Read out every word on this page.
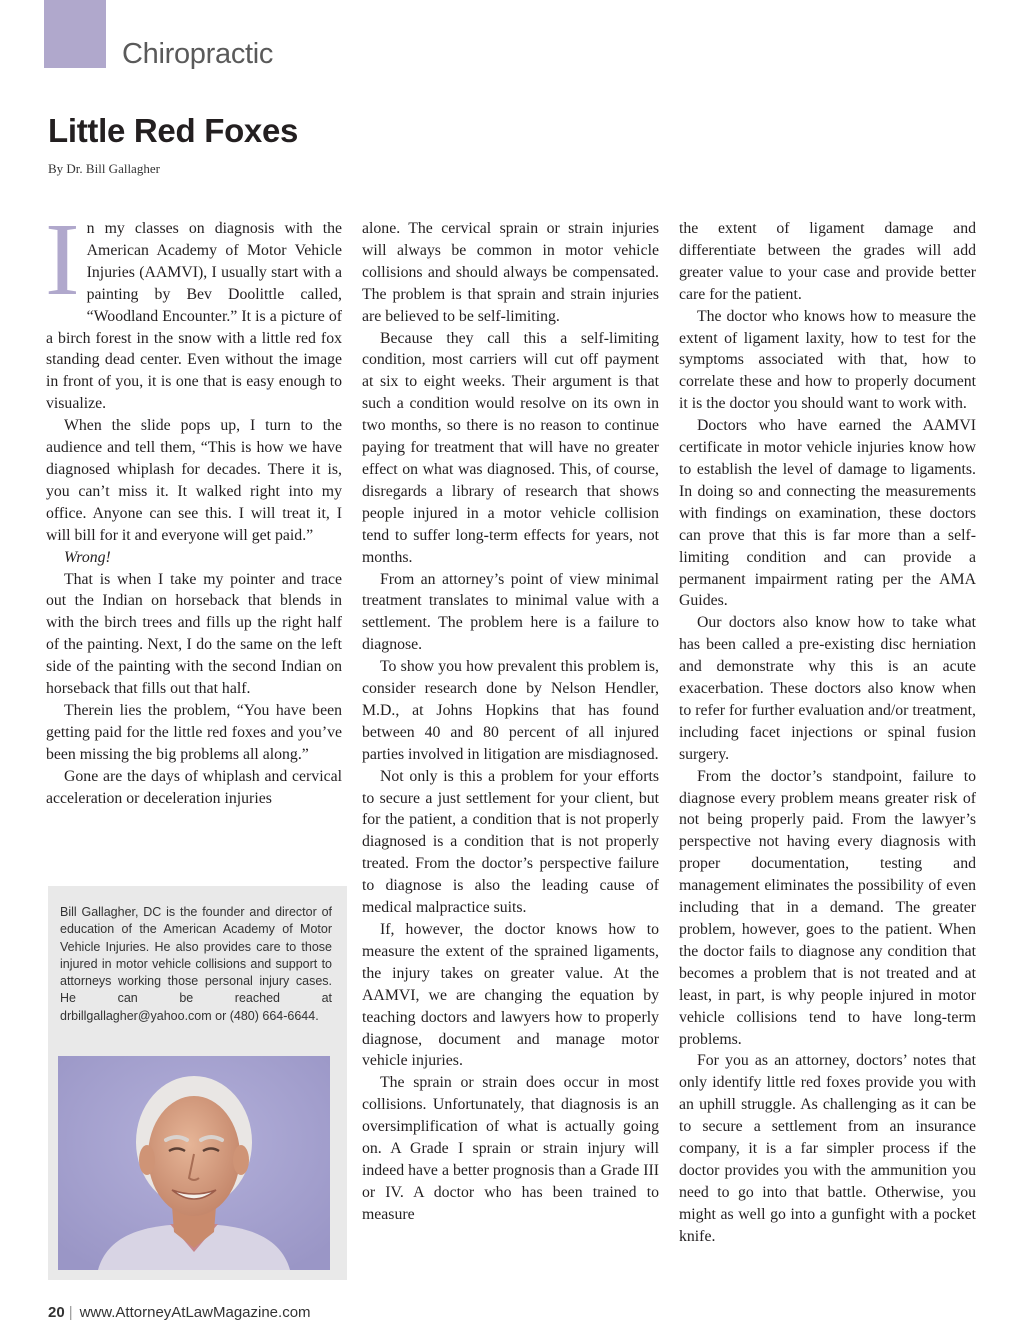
Chiropractic
Little Red Foxes
By Dr. Bill Gallagher

In my classes on diagnosis with the American Academy of Motor Vehicle Injuries (AAMVI), I usually start with a painting by Bev Doolittle called, “Woodland Encounter.” It is a picture of a birch forest in the snow with a little red fox standing dead center. Even without the image in front of you, it is one that is easy enough to visualize.

When the slide pops up, I turn to the audience and tell them, “This is how we have diagnosed whiplash for decades. There it is, you can’t miss it. It walked right into my office. Anyone can see this. I will treat it, I will bill for it and everyone will get paid.”

Wrong!

That is when I take my pointer and trace out the Indian on horseback that blends in with the birch trees and fills up the right half of the painting. Next, I do the same on the left side of the painting with the second Indian on horseback that fills out that half.

Therein lies the problem, “You have been getting paid for the little red foxes and you’ve been missing the big problems all along.”

Gone are the days of whiplash and cervical acceleration or deceleration injuries

alone. The cervical sprain or strain injuries will always be common in motor vehicle collisions and should always be compensated. The problem is that sprain and strain injuries are believed to be self-limiting.

Because they call this a self-limiting condition, most carriers will cut off payment at six to eight weeks. Their argument is that such a condition would resolve on its own in two months, so there is no reason to continue paying for treatment that will have no greater effect on what was diagnosed. This, of course, disregards a library of research that shows people injured in a motor vehicle collision tend to suffer long-term effects for years, not months.

From an attorney’s point of view minimal treatment translates to minimal value with a settlement. The problem here is a failure to diagnose.

To show you how prevalent this problem is, consider research done by Nelson Hendler, M.D., at Johns Hopkins that has found between 40 and 80 percent of all injured parties involved in litigation are misdiagnosed.

Not only is this a problem for your efforts to secure a just settlement for your client, but for the patient, a condition that is not properly diagnosed is a condition that is not properly treated. From the doctor’s perspective failure to diagnose is also the leading cause of medical malpractice suits.

If, however, the doctor knows how to measure the extent of the sprained ligaments, the injury takes on greater value. At the AAMVI, we are changing the equation by teaching doctors and lawyers how to properly diagnose, document and manage motor vehicle injuries.

The sprain or strain does occur in most collisions. Unfortunately, that diagnosis is an oversimplification of what is actually going on. A Grade I sprain or strain injury will indeed have a better prognosis than a Grade III or IV. A doctor who has been trained to measure

the extent of ligament damage and differentiate between the grades will add greater value to your case and provide better care for the patient.

The doctor who knows how to measure the extent of ligament laxity, how to test for the symptoms associated with that, how to correlate these and how to properly document it is the doctor you should want to work with.

Doctors who have earned the AAMVI certificate in motor vehicle injuries know how to establish the level of damage to ligaments. In doing so and connecting the measurements with findings on examination, these doctors can prove that this is far more than a self-limiting condition and can provide a permanent impairment rating per the AMA Guides.

Our doctors also know how to take what has been called a pre-existing disc herniation and demonstrate why this is an acute exacerbation. These doctors also know when to refer for further evaluation and/or treatment, including facet injections or spinal fusion surgery.

From the doctor’s standpoint, failure to diagnose every problem means greater risk of not being properly paid. From the lawyer’s perspective not having every diagnosis with proper documentation, testing and management eliminates the possibility of even including that in a demand. The greater problem, however, goes to the patient. When the doctor fails to diagnose any condition that becomes a problem that is not treated and at least, in part, is why people injured in motor vehicle collisions tend to have long-term problems.

For you as an attorney, doctors’ notes that only identify little red foxes provide you with an uphill struggle. As challenging as it can be to secure a settlement from an insurance company, it is a far simpler process if the doctor provides you with the ammunition you need to go into that battle. Otherwise, you might as well go into a gunfight with a pocket knife.

Bill Gallagher, DC is the founder and director of education of the American Academy of Motor Vehicle Injuries. He also provides care to those injured in motor vehicle collisions and support to attorneys working those personal injury cases. He can be reached at drbillgallagher@yahoo.com or (480) 664-6644.

20 | www.AttorneyAtLawMagazine.com
